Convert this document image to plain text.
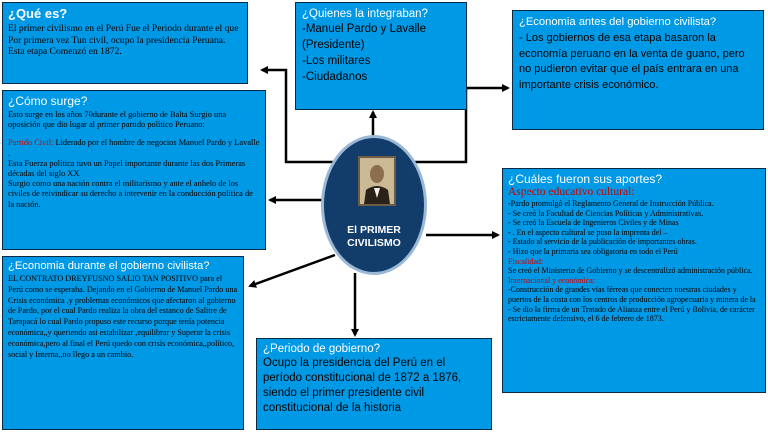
¿Qué es?
El primer civilismo en el Perú Fue el Periodo durante el que Por primera vez Tun civil, ocupo la presidencia Peruana. Esta etapa Comenzó en 1872.
¿Quienes la integraban?
-Manuel Pardo y Lavalle (Presidente)
-Los militares
-Ciudadanos
¿Economia antes del gobierno civilista?
- Los gobiernos de esa etapa basaron la economía peruano en la venta de guano, pero no pudieron evitar que el país entrara en una importante crisis económico.
¿Cómo surge?
Esto surge en los años 70durante el gobierno de Balta Surgio una oposición que dio lugar al primer partido político Peruano:
Partido Civil: Liderado por el hombre de negocios Manuel Pardo y Lavalle .
Esta Fuerza política tuvo un Papel importante durante las dos Primeras décadas del siglo XX
Surgio como una nación contra el militarismo y ante el anhelo de los civiles de reivindicar su derecho a intervenir en la conducción política de la nación.
El PRIMER
CIVILISMO
¿Cuáles fueron sus aportes?
Aspecto educativo cultural:
-Pardo promulgó el Reglamento General de Instrucción Pública.
- Se creó la Facultad de Ciencias Políticas y Administrativas.
- Se creó la Escuela de Ingenieros Civiles y de Minas
- . En el aspecto cultural se puso la imprenta del –
- Estado al servicio de la publicación de importantes obras.
- Hizo que la primaria sea obligatoria en todo el Perú
Fiscalidad:
Se creó el Ministerio de Gobierno y se descentralizó administración pública.
Internacional y económica:
-Construcción de grandes vías férreas que conecten nuestras ciudades y puertos de la costa con los centros de producción agropecuaria y minera de la
- Se dio la firma de un Tratado de Alianza entre el Perú y Bolivia, de carácter estrictamente defensivo, el 6 de febrero de 1873.
¿Economia durante el gobierno civilista?
EL CONTRATO DREYFUSNO SALIO TAN POSITIVO para el Perú como se esperaba. Dejando en el Gobierno de Manuel Pardo una Crisis económica ,y problemas económicos que afectaron al gobierno de Pardo, por el cual Pardo realiza la obra del estanco de Salitre de Tarapacá lo cual Pardo propuso este recurso porque tenía potencia económica,,y queriendo asi estabilizar ,equilibrar y Superar la crisis económica,pero al final el Perú quedo con crisis económica,,político, social y Interna,,no llego a un cambio.	¿Periodo de gobierno?
Ocupo la presidencia del Perú en el período constitucional de 1872 a 1876, siendo el primer presidente civil constitucional de la historia
